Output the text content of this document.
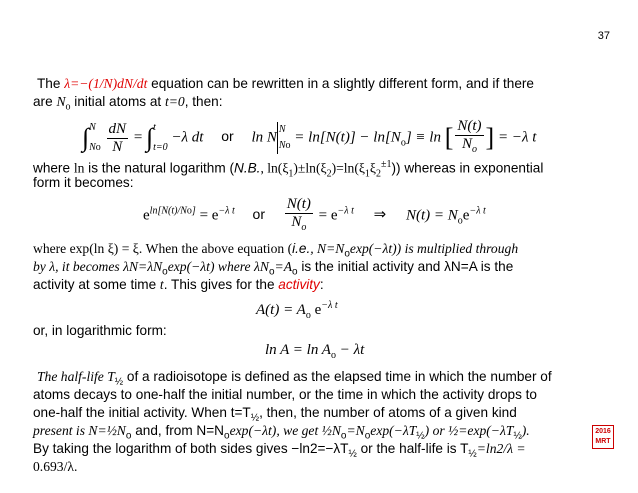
37
The λ=−(1/N)dN/dt equation can be rewritten in a slightly different form, and if there
are $N_o$ initial atoms at t=0, then:
∫N
No $\frac{dN}{N} = \int t$
t=0 −λ dt or ln N N
$No = \ln[N(t)] - \ln[N_o] \equiv \ln$ [ $\frac{N(t)}{N_o}$ ] = −λ t
where ln is the natural logarithm (N.B., $\ln(\xi_1)\pm\ln(\xi_2)=\ln(\xi_1\xi_2^{\pm 1})$) whereas in exponential
form it becomes:
$e^{ln[N(t)/No]} = e^{-\lambda t}$ or $\frac{N(t)}{N_o} = e^{-\lambda t}$ ⇒ $N(t) = N_oe^{-\lambda t}$
where exp(ln ξ) = ξ. When the above equation (i.e., $N=N_o\exp(-\lambda t)$) is multiplied through
by λ, it becomes $\lambda N=\lambda N_o\exp(-\lambda t)$ where $\lambda N_o=A_o$ is the initial activity and λN=A is the
activity at some time t. This gives for the activity:
$A(t) = A_o$ $e^{-\lambda t}$
or, in logarithmic form:
$\ln A = \ln A_o - \lambda t$
The half-life $T_{\frac{1}{2}}$ of a radioisotope is defined as the elapsed time in which the number of
atoms decays to one-half the initial number, or the time in which the activity drops to
one-half the initial activity. When $t=T_{\frac{1}{2}}$, then, the number of atoms of a given kind
present is $N=\frac{1}{2}N_o$ and, from $N=N_o\exp(-\lambda t)$, we get $\frac{1}{2}N_o=N_o\exp(-\lambda T_{\frac{1}{2}})$ or $\frac{1}{2}=\exp(-\lambda T_{\frac{1}{2}})$.
By taking the logarithm of both sides gives $-\ln 2=-\lambda T_{\frac{1}{2}}$ or the half-life is $T_{\frac{1}{2}}=\ln 2/\lambda$ =
0.693/λ.
2016
MRT
